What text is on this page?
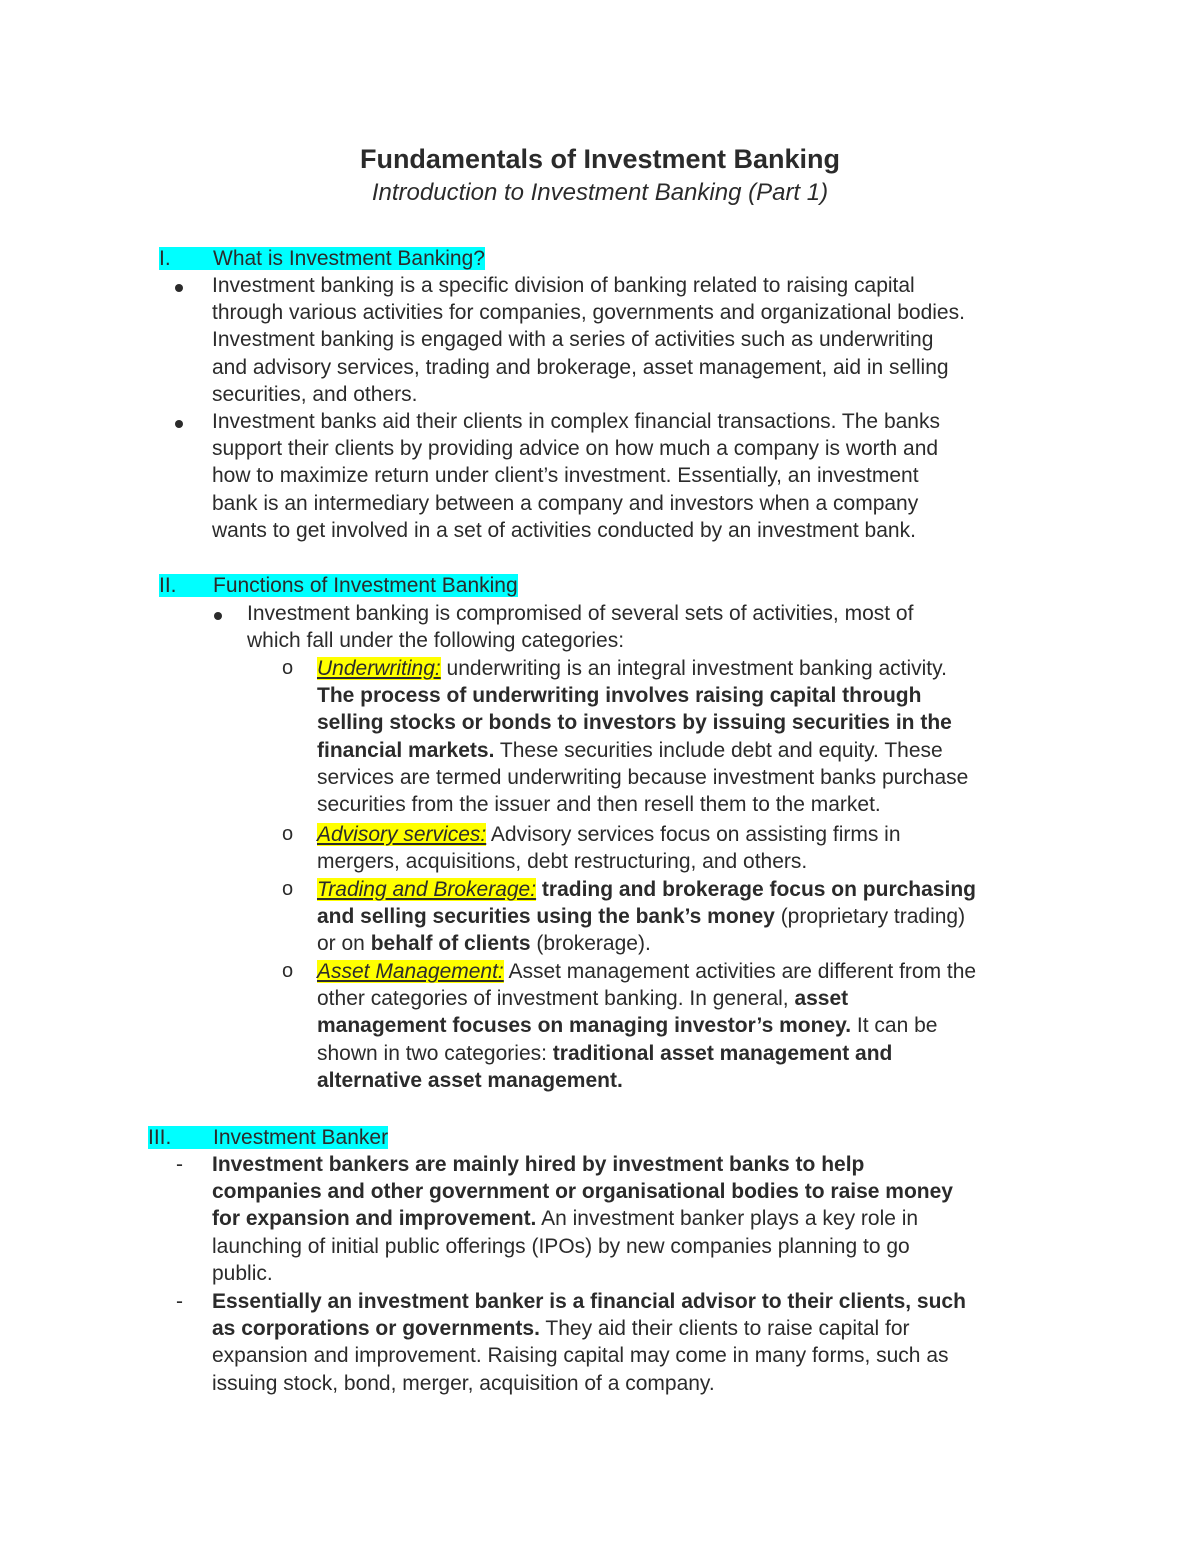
Fundamentals of Investment Banking
Introduction to Investment Banking (Part 1)
I. What is Investment Banking?
Investment banking is a specific division of banking related to raising capital
through various activities for companies, governments and organizational bodies.
Investment banking is engaged with a series of activities such as underwriting
and advisory services, trading and brokerage, asset management, aid in selling
securities, and others.
Investment banks aid their clients in complex financial transactions. The banks
support their clients by providing advice on how much a company is worth and
how to maximize return under client’s investment. Essentially, an investment
bank is an intermediary between a company and investors when a company
wants to get involved in a set of activities conducted by an investment bank.
II. Functions of Investment Banking
Investment banking is compromised of several sets of activities, most of
which fall under the following categories:
o Underwriting: underwriting is an integral investment banking activity.
The process of underwriting involves raising capital through
selling stocks or bonds to investors by issuing securities in the
financial markets. These securities include debt and equity. These
services are termed underwriting because investment banks purchase
securities from the issuer and then resell them to the market.
o Advisory services: Advisory services focus on assisting firms in
mergers, acquisitions, debt restructuring, and others.
o Trading and Brokerage: trading and brokerage focus on purchasing
and selling securities using the bank’s money (proprietary trading)
or on behalf of clients (brokerage).
o Asset Management: Asset management activities are different from the
other categories of investment banking. In general, asset
management focuses on managing investor’s money. It can be
shown in two categories: traditional asset management and
alternative asset management.
III. Investment Banker
- Investment bankers are mainly hired by investment banks to help
companies and other government or organisational bodies to raise money
for expansion and improvement. An investment banker plays a key role in
launching of initial public offerings (IPOs) by new companies planning to go
public.
- Essentially an investment banker is a financial advisor to their clients, such
as corporations or governments. They aid their clients to raise capital for
expansion and improvement. Raising capital may come in many forms, such as
issuing stock, bond, merger, acquisition of a company.
